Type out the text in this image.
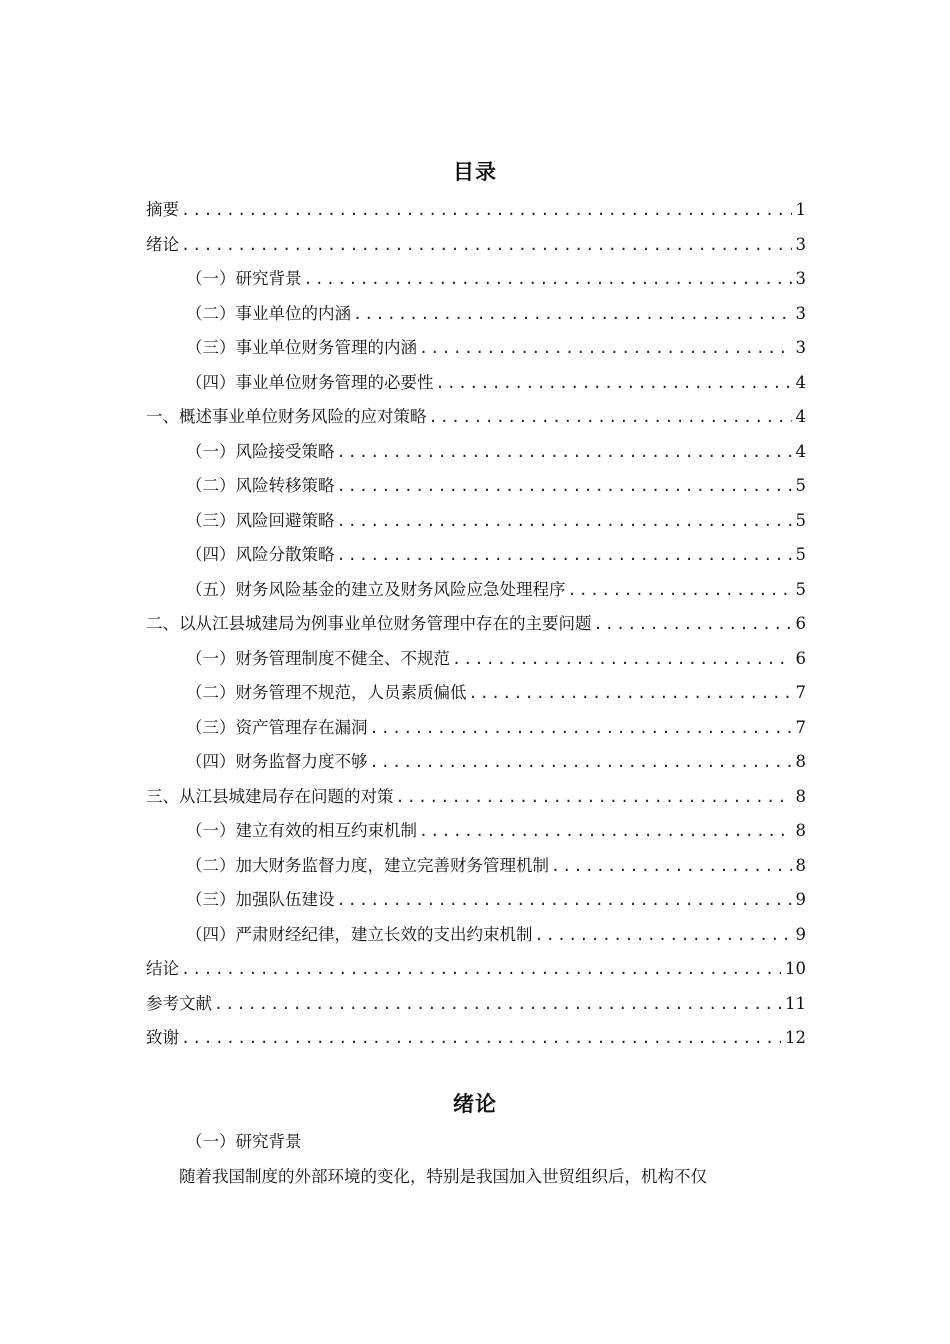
目录
摘要 .....	1
绪论 .....	3
（一）研究背景 .....	3
（二）事业单位的内涵 .....	3
（三）事业单位财务管理的内涵 .....	3
（四）事业单位财务管理的必要性 .....	4
一、概述事业单位财务风险的应对策略 .....	4
（一）风险接受策略 .....	4
（二）风险转移策略 .....	5
（三）风险回避策略 .....	5
（四）风险分散策略 .....	5
（五）财务风险基金的建立及财务风险应急处理程序 .....	5
二、以从江县城建局为例事业单位财务管理中存在的主要问题 .....	6
（一）财务管理制度不健全、不规范 .....	6
（二）财务管理不规范，人员素质偏低 .....	7
（三）资产管理存在漏洞 .....	7
（四）财务监督力度不够 .....	8
三、从江县城建局存在问题的对策 .....	8
（一）建立有效的相互约束机制 .....	8
（二）加大财务监督力度，建立完善财务管理机制 .....	8
（三）加强队伍建设 .....	9
（四）严肃财经纪律，建立长效的支出约束机制 .....	9
结论 .....	10
参考文献 .....	11
致谢 .....	12
绪论
（一）研究背景
随着我国制度的外部环境的变化，特别是我国加入世贸组织后，机构不仅
